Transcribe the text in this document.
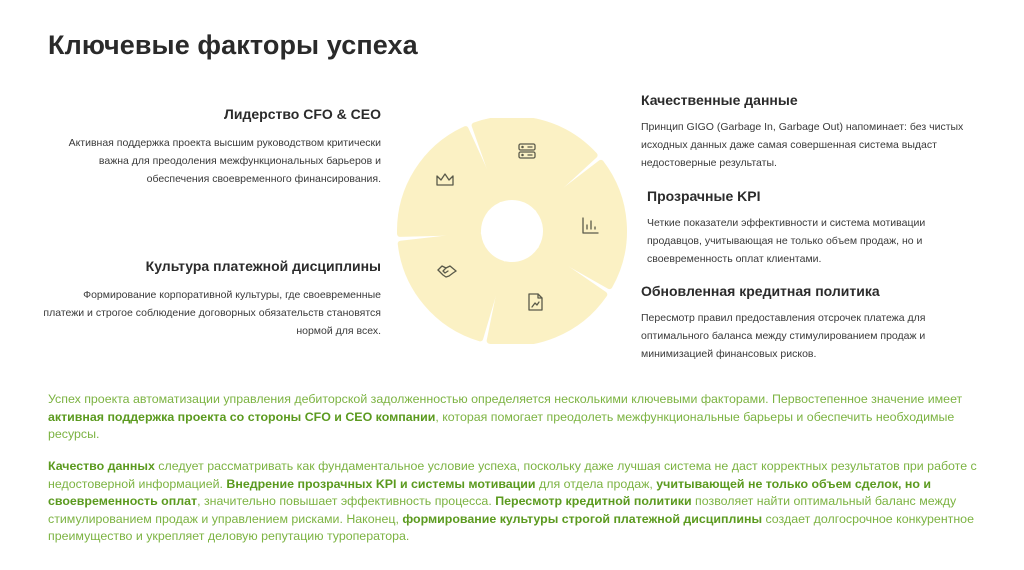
Ключевые факторы успеха
Лидерство CFO & CEO

Активная поддержка проекта высшим руководством критически важна для преодоления межфункциональных барьеров и обеспечения своевременного финансирования.

Культура платежной дисциплины

Формирование корпоративной культуры, где своевременные платежи и строгое соблюдение договорных обязательств становятся нормой для всех.

Качественные данные

Принцип GIGO (Garbage In, Garbage Out) напоминает: без чистых исходных данных даже самая совершенная система выдаст недостоверные результаты.

Прозрачные KPI

Четкие показатели эффективности и система мотивации продавцов, учитывающая не только объем продаж, но и своевременность оплат клиентами.

Обновленная кредитная политика

Пересмотр правил предоставления отсрочек платежа для оптимального баланса между стимулированием продаж и минимизацией финансовых рисков.

Успех проекта автоматизации управления дебиторской задолженностью определяется несколькими ключевыми факторами. Первостепенное значение имеет активная поддержка проекта со стороны CFO и CEO компании, которая помогает преодолеть межфункциональные барьеры и обеспечить необходимые ресурсы.
Качество данных следует рассматривать как фундаментальное условие успеха, поскольку даже лучшая система не даст корректных результатов при работе с недостоверной информацией. Внедрение прозрачных KPI и системы мотивации для отдела продаж, учитывающей не только объем сделок, но и своевременность оплат, значительно повышает эффективность процесса. Пересмотр кредитной политики позволяет найти оптимальный баланс между стимулированием продаж и управлением рисками. Наконец, формирование культуры строгой платежной дисциплины создает долгосрочное конкурентное преимущество и укрепляет деловую репутацию туроператора.
